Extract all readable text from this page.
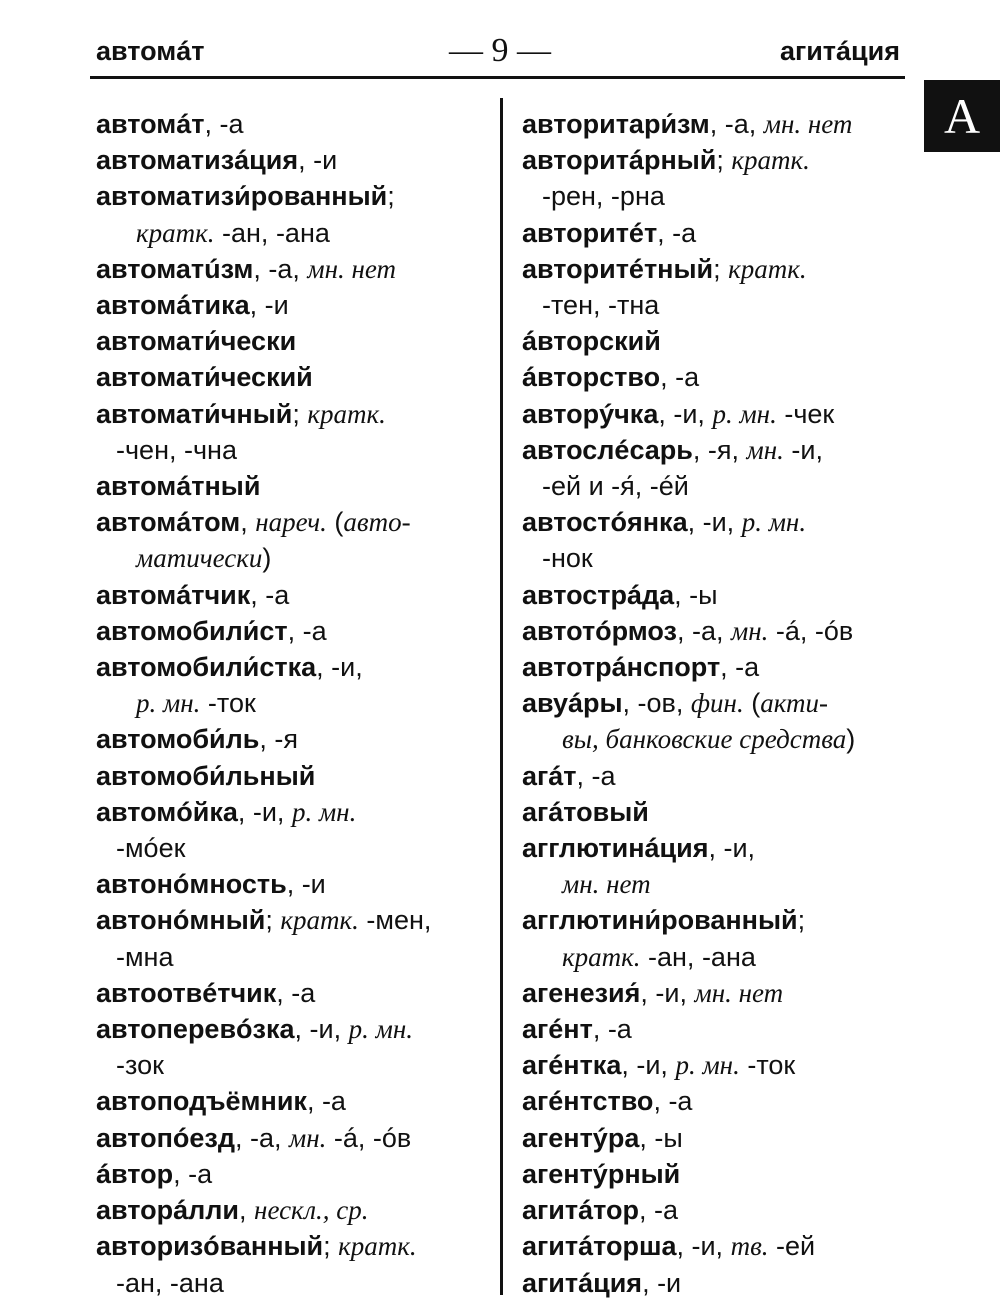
автомáт	— 9 —	агитáция
А
автомáт, -а
автоматизáция, -и
автоматизи́рованный;
кратк. -ан, -ана
автоматúзм, -а, мн. нет
автомáтика, -и
автомати́чески
автомати́ческий
автомати́чный; кратк.
-чен, -чна
автомáтный
автомáтом, нареч. (авто-
матически)
автомáтчик, -а
автомобили́ст, -а
автомобили́стка, -и,
р. мн. -ток
автомоби́ль, -я
автомоби́льный
автомóйка, -и, р. мн.
-мóек
автонóмность, -и
автонóмный; кратк. -мен,
-мна
автоотвéтчик, -а
автоперевóзка, -и, р. мн.
-зок
автоподъёмник, -а
автопóезд, -а, мн. -á, -óв
áвтор, -а
авторáлли, нескл., ср.
авторизóванный; кратк.
-ан, -ана
авторитари́зм, -а, мн. нет
авторитáрный; кратк.
-рен, -рна
авторитéт, -а
авторитéтный; кратк.
-тен, -тна
áвторский
áвторство, -а
авторýчка, -и, р. мн. -чек
автослéсарь, -я, мн. -и,
-ей и -я́, -éй
автостóянка, -и, р. мн.
-нок
автострáда, -ы
автотóрмоз, -а, мн. -á, -óв
автотрáнспорт, -а
авуáры, -ов, фин. (акти-
вы, банковские средства)
агáт, -а
агáтовый
агглютинáция, -и,
мн. нет
агглютини́рованный;
кратк. -ан, -ана
агенезия́, -и, мн. нет
агéнт, -а
агéнтка, -и, р. мн. -ток
агéнтство, -а
агентýра, -ы
агентýрный
агитáтор, -а
агитáторша, -и, тв. -ей
агитáция, -и
